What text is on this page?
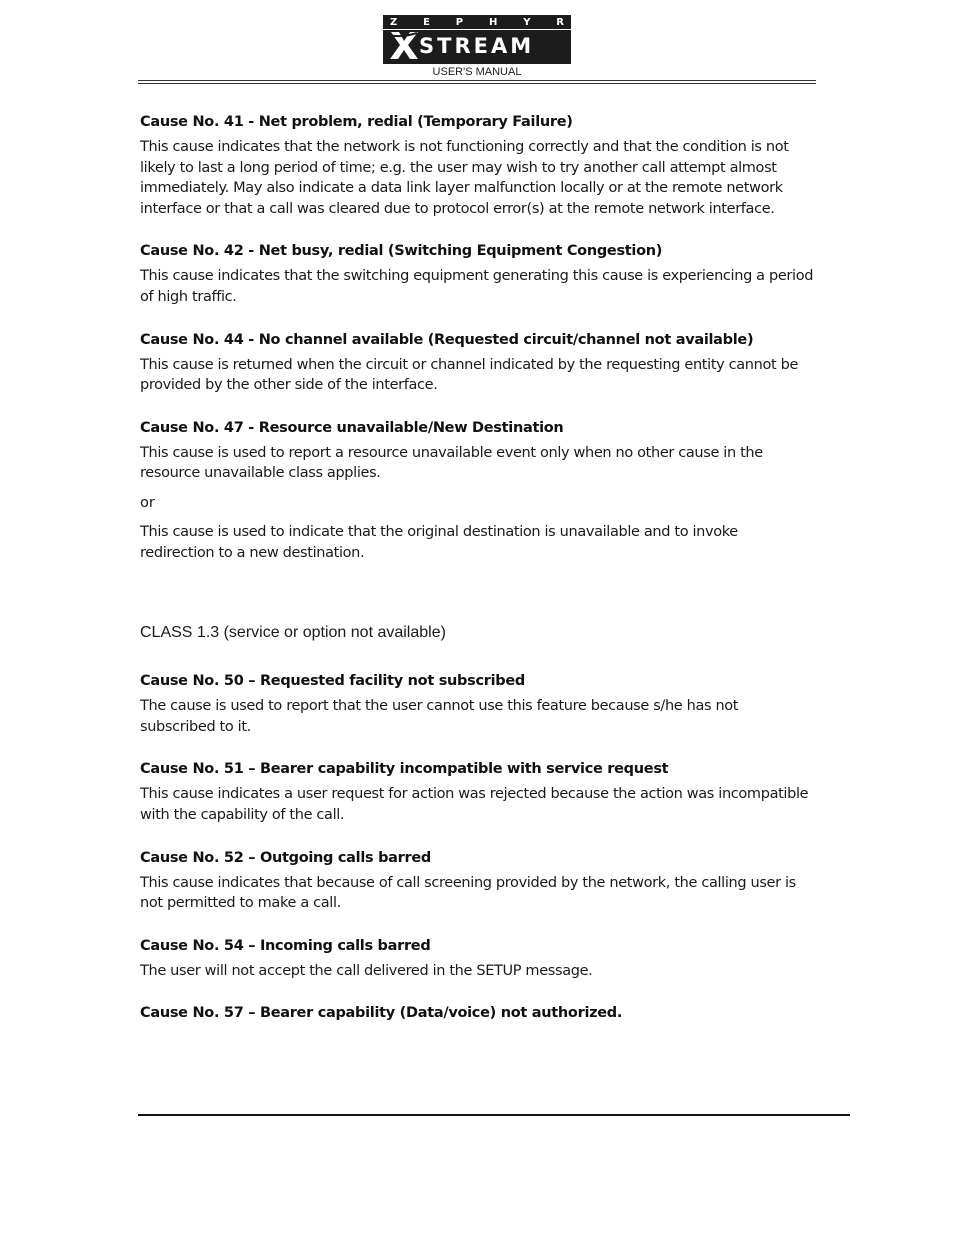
Z	E	P	H	Y	R
STREAM
USER'S MANUAL

Cause No. 41 - Net problem, redial (Temporary Failure)

This cause indicates that the network is not functioning correctly and that the condition is not likely to last a long period of time; e.g. the user may wish to try another call attempt almost immediately. May also indicate a data link layer malfunction locally or at the remote network interface or that a call was cleared due to protocol error(s) at the remote network interface.

Cause No. 42 - Net busy, redial (Switching Equipment Congestion)

This cause indicates that the switching equipment generating this cause is experiencing a period of high traffic.

Cause No. 44 - No channel available (Requested circuit/channel not available)

This cause is returned when the circuit or channel indicated by the requesting entity cannot be provided by the other side of the interface.

Cause No. 47 - Resource unavailable/New Destination

This cause is used to report a resource unavailable event only when no other cause in the resource unavailable class applies.

or

This cause is used to indicate that the original destination is unavailable and to invoke redirection to a new destination.

CLASS 1.3 (service or option not available)

Cause No. 50 – Requested facility not subscribed

The cause is used to report that the user cannot use this feature because s/he has not subscribed to it.

Cause No. 51 – Bearer capability incompatible with service request

This cause indicates a user request for action was rejected because the action was incompatible with the capability of the call.

Cause No. 52 – Outgoing calls barred

This cause indicates that because of call screening provided by the network, the calling user is not permitted to make a call.

Cause No. 54 – Incoming calls barred

The user will not accept the call delivered in the SETUP message.

Cause No. 57 – Bearer capability (Data/voice) not authorized.
